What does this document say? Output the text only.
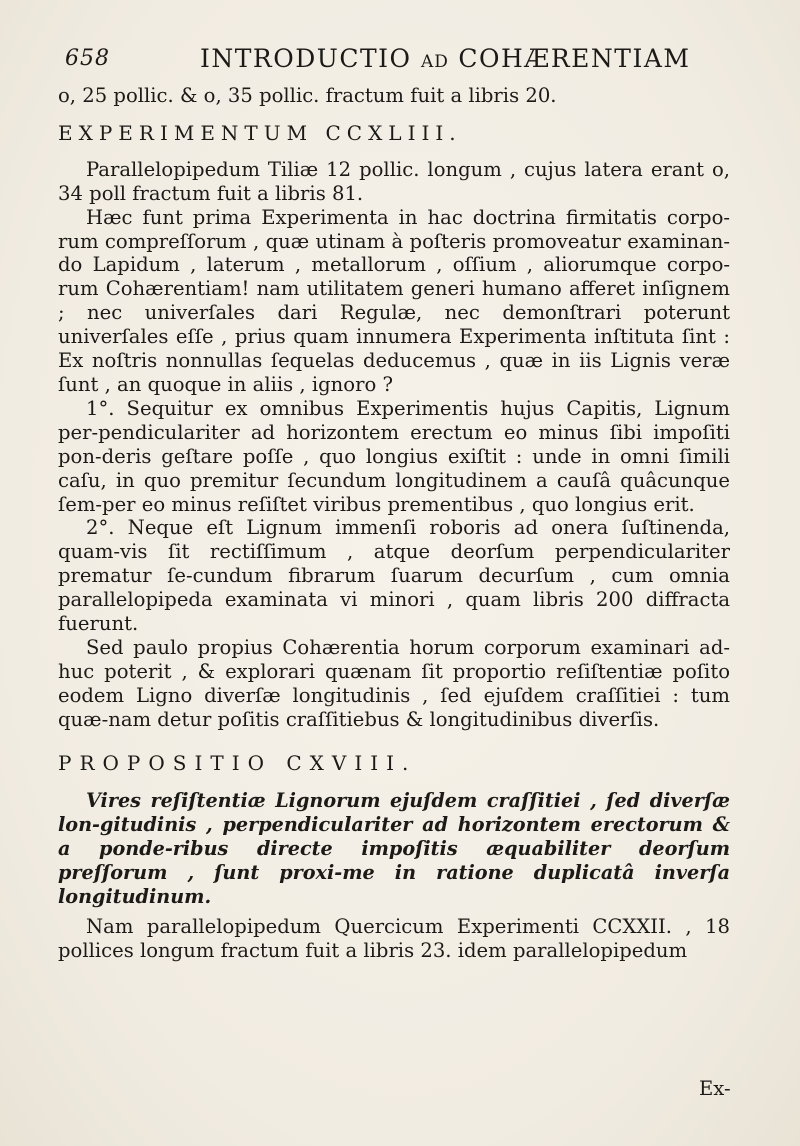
658	INTRODUCTIO AD COHÆRENTIAM

o, 25 pollic. & o, 35 pollic. fractum fuit a libris 20.

EXPERIMENTUM CCXLIII.

Parallelopipedum Tiliæ 12 pollic. longum , cujus latera erant o, 34 poll fractum fuit a libris 81.

Hæc funt prima Experimenta in hac doctrina firmitatis corpo-rum compreſſorum , quæ utinam à poſteris promoveatur examinan-do Lapidum , laterum , metallorum , oſſium , aliorumque corpo-rum Cohærentiam! nam utilitatem generi humano afferet inſignem ; nec univerſales dari Regulæ, nec demonſtrari poterunt univerſales eſſe , prius quam innumera Experimenta inſtituta ſint : Ex noſtris nonnullas ſequelas deducemus , quæ in iis Lignis veræ ſunt , an quoque in aliis , ignoro ?

1°. Sequitur ex omnibus Experimentis hujus Capitis, Lignum per-pendiculariter ad horizontem erectum eo minus ſibi impoſiti pon-deris geſtare poſſe , quo longius exiſtit : unde in omni ſimili caſu, in quo premitur ſecundum longitudinem a cauſâ quâcunque ſem-per eo minus reſiſtet viribus prementibus , quo longius erit.

2°. Neque eſt Lignum immenſi roboris ad onera ſuſtinenda, quam-vis ſit rectiſſimum , atque deorſum perpendiculariter prematur ſe-cundum fibrarum ſuarum decurſum , cum omnia parallelopipeda examinata vi minori , quam libris 200 diffracta fuerunt.

Sed paulo propius Cohærentia horum corporum examinari ad-huc poterit , & explorari quænam ſit proportio reſiſtentiæ poſito eodem Ligno diverſæ longitudinis , ſed ejuſdem craſſitiei : tum quæ-nam detur poſitis craſſitiebus & longitudinibus diverſis.

PROPOSITIO CXVIII.

Vires reſiſtentiæ Lignorum ejuſdem craſſitiei , ſed diverſæ lon-gitudinis , perpendiculariter ad horizontem erectorum & a ponde-ribus directe impoſitis æquabiliter deorſum preſſorum , ſunt proxi-me in ratione duplicatâ inverſa longitudinum.

Nam parallelopipedum Quercicum Experimenti CCXXII. , 18 pollices longum fractum fuit a libris 23. idem parallelopipedum

Ex-
